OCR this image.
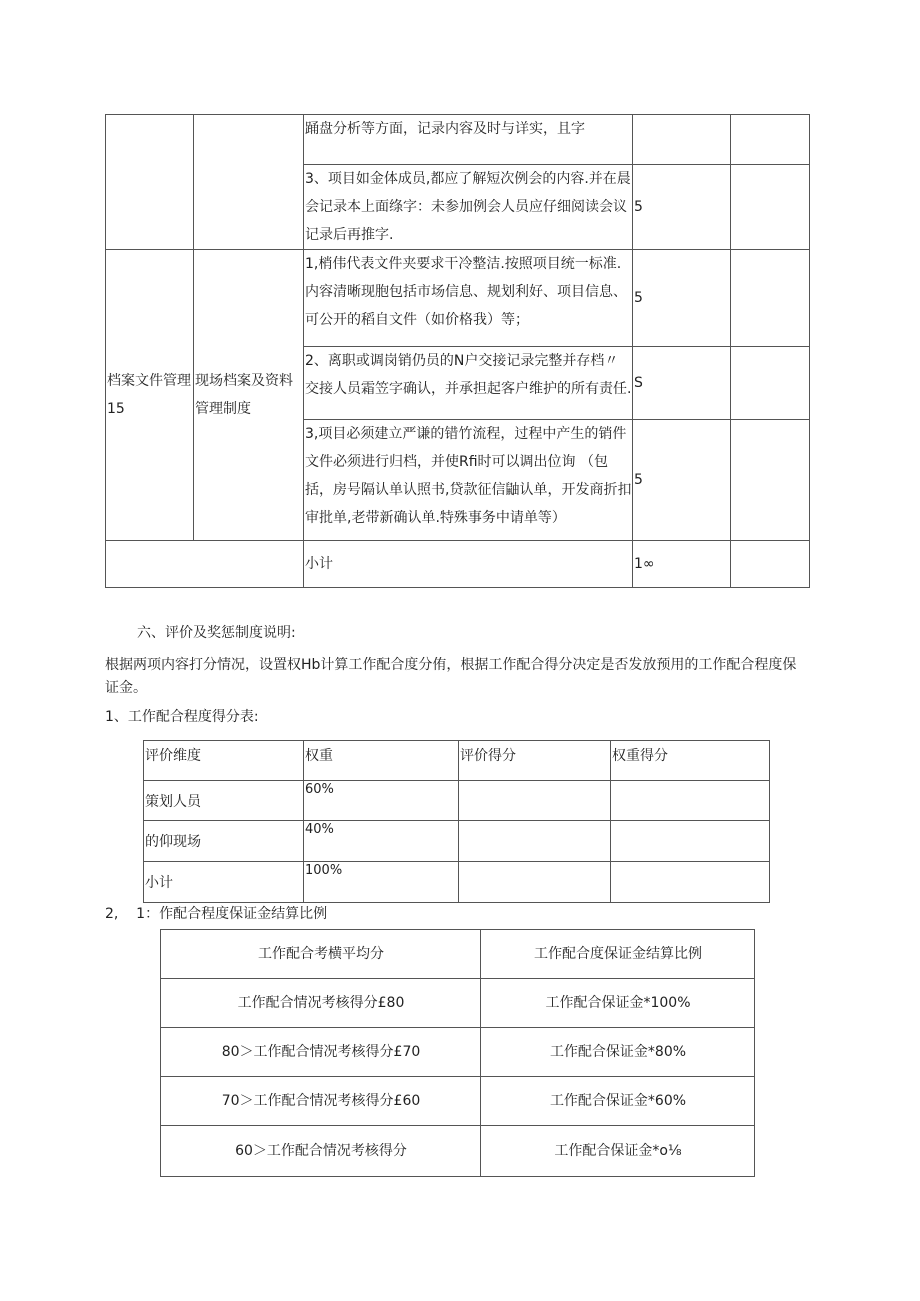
		踊盘分析等方面，记录内容及时与详实，且字		
		3、项目如金体成员,都应了解短次例会的内容.并在晨会记录本上面绦字：未参加例会人员应仔细阅读会议记录后再推字.	5	
档案文件管理15	现场档案及资料管理制度	1,梢伟代表文件夹要求干冷整洁.按照项目统一标准.内容清晰现胞包括市场信息、规划利好、项目信息、可公开的稻自文件（如价格我）等；	5	
		2、离职或调岗销仍员的N户交接记录完整并存档〃交接人员霜笠字确认，并承担起客户维护的所有责任.	S	
		3,项目必须建立严谦的错竹流程，过程中产生的销件文件必须进行归档，并使Rfi时可以调出位询 （包括，房号隔认单认照书,贷款征信鼬认单，开发商折扣审批单,老带新确认单.特殊事务中请单等）	5	
		小计	1∞	
六、评价及奖惩制度说明:
根据两项内容打分情况，设置权Hb计算工作配合度分侑，根据工作配合得分决定是否发放预用的工作配合程度保证金。
1、工作配合程度得分表:
评价维度	权重	评价得分	权重得分
策划人员	60%		
的仰现场	40%		
小计	100%		
2,    1：作配合程度保证金结算比例
工作配合考横平均分	工作配合度保证金结算比例
工作配合情况考核得分£80	工作配合保证金*100%
80＞工作配合情况考核得分£70	工作配合保证金*80%
70＞工作配合情况考核得分£60	工作配合保证金*60%
60＞工作配合情况考核得分	工作配合保证金*o⅛
